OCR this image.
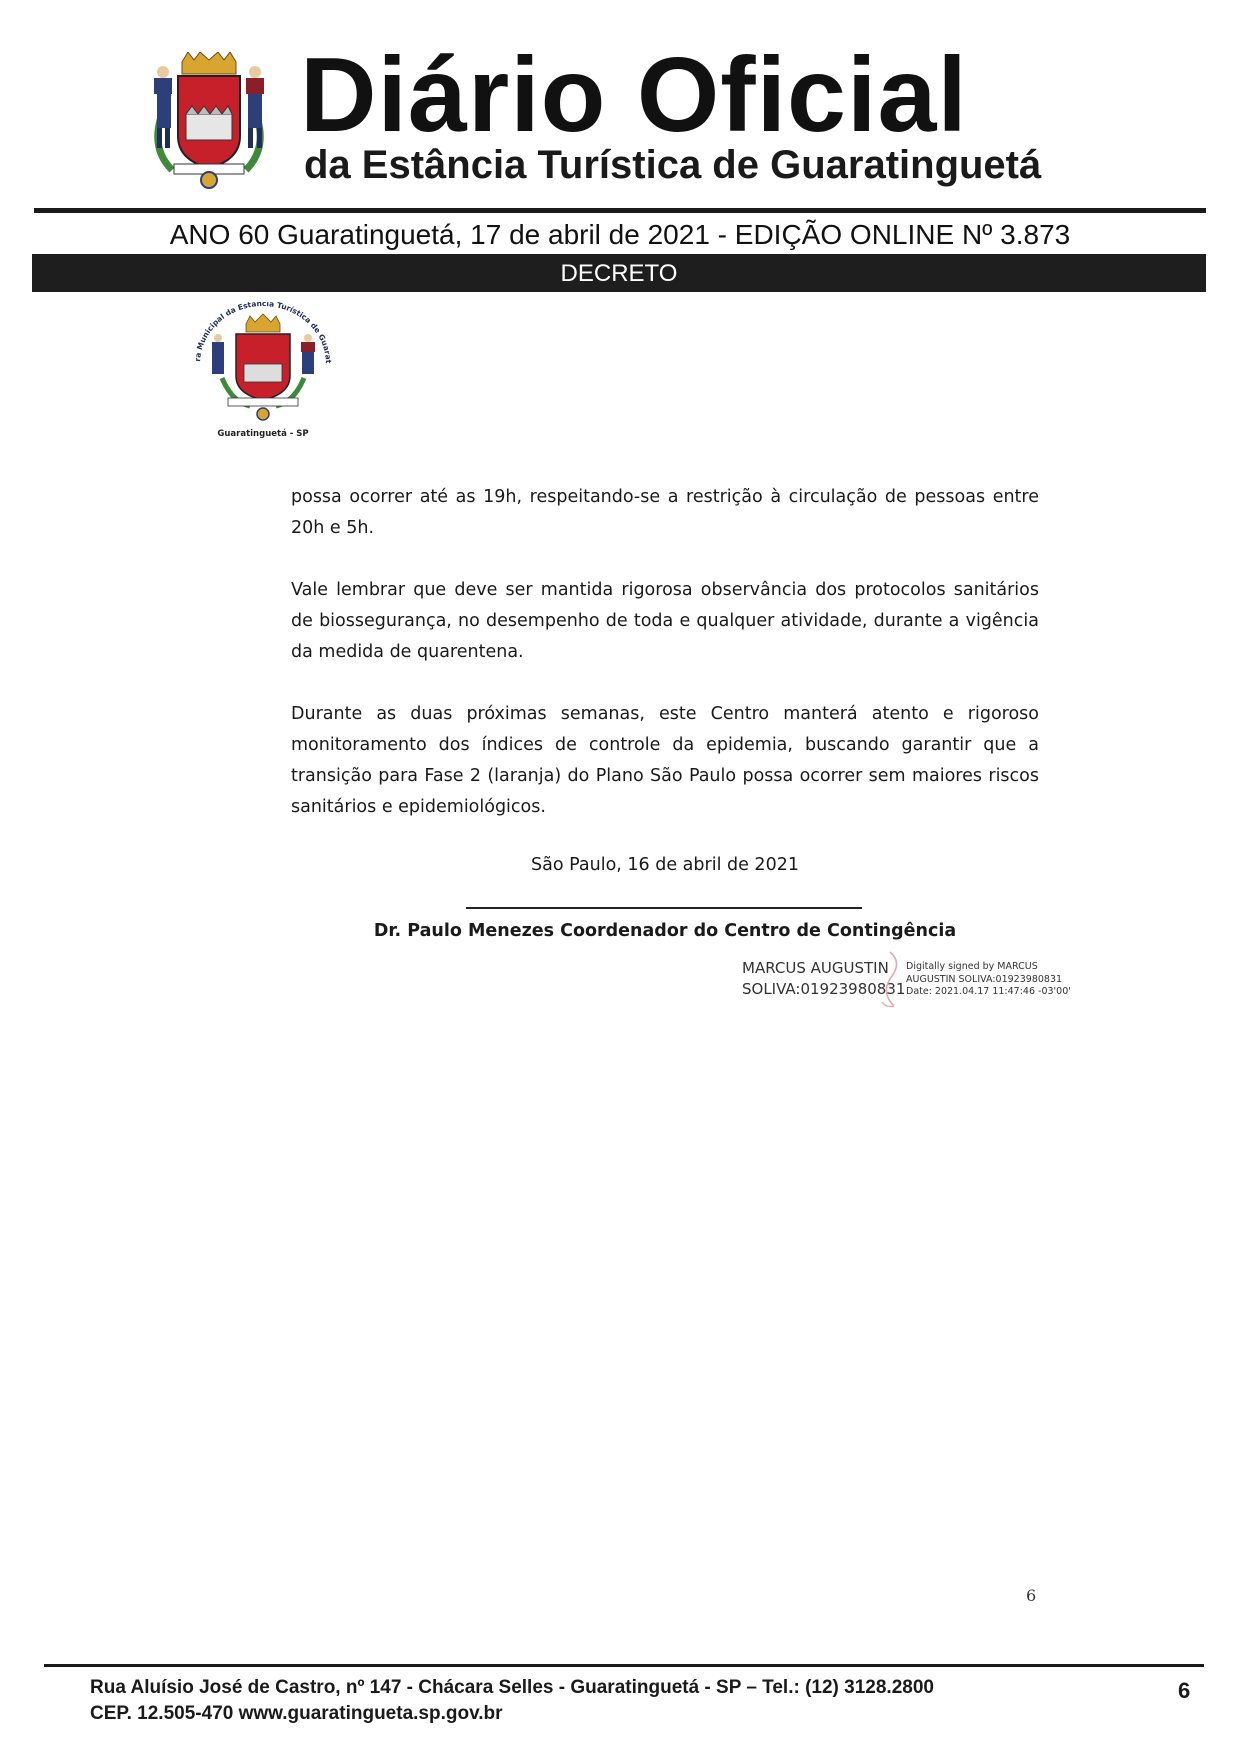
Diário Oficial
da Estância Turística de Guaratinguetá
ANO 60 Guaratinguetá, 17 de abril de 2021 - EDIÇÃO ONLINE Nº 3.873
DECRETO
ra Municipal da Estância Turística de Guarat
Guaratinguetá - SP

possa ocorrer até as 19h, respeitando-se a restrição à circulação de pessoas entre 20h e 5h.

Vale lembrar que deve ser mantida rigorosa observância dos protocolos sanitários de biossegurança, no desempenho de toda e qualquer atividade, durante a vigência da medida de quarentena.

Durante as duas próximas semanas, este Centro manterá atento e rigoroso monitoramento dos índices de controle da epidemia, buscando garantir que a transição para Fase 2 (laranja) do Plano São Paulo possa ocorrer sem maiores riscos sanitários e epidemiológicos.

São Paulo, 16 de abril de 2021
Dr. Paulo Menezes Coordenador do Centro de Contingência
MARCUS AUGUSTIN
SOLIVA:01923980831
Digitally signed by MARCUS
AUGUSTIN SOLIVA:01923980831
Date: 2021.04.17 11:47:46 -03'00'
6
Rua Aluísio José de Castro, nº 147 - Chácara Selles - Guaratinguetá - SP – Tel.: (12) 3128.2800
CEP. 12.505-470 www.guaratingueta.sp.gov.br
6
